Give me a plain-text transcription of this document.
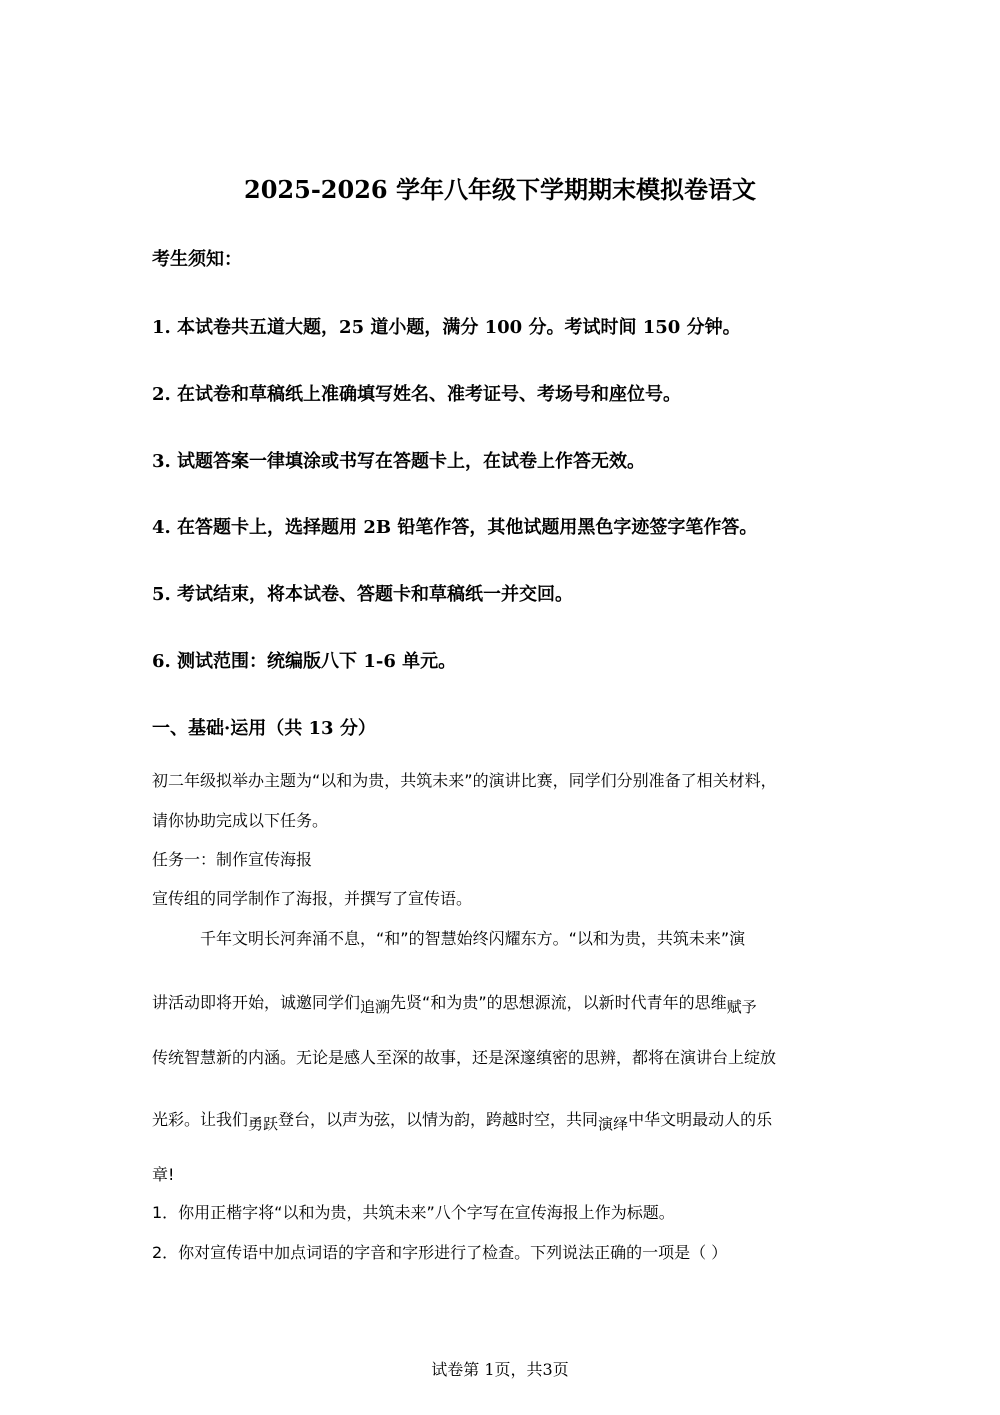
2025-2026 学年八年级下学期期末模拟卷语文
考生须知：
1. 本试卷共五道大题，25 道小题，满分 100 分。考试时间 150 分钟。
2. 在试卷和草稿纸上准确填写姓名、准考证号、考场号和座位号。
3. 试题答案一律填涂或书写在答题卡上，在试卷上作答无效。
4. 在答题卡上，选择题用 2B 铅笔作答，其他试题用黑色字迹签字笔作答。
5. 考试结束，将本试卷、答题卡和草稿纸一并交回。
6. 测试范围：统编版八下 1-6 单元。
一、基础·运用（共 13 分）
初二年级拟举办主题为“以和为贵，共筑未来”的演讲比赛，同学们分别准备了相关材料，
请你协助完成以下任务。
任务一：制作宣传海报
宣传组的同学制作了海报，并撰写了宣传语。
千年文明长河奔涌不息，“和”的智慧始终闪耀东方。“以和为贵，共筑未来”演
讲活动即将开始，诚邀同学们追溯先贤“和为贵”的思想源流，以新时代青年的思维赋予
传统智慧新的内涵。无论是感人至深的故事，还是深邃缜密的思辨，都将在演讲台上绽放
光彩。让我们勇跃登台，以声为弦，以情为韵，跨越时空，共同演绎中华文明最动人的乐
章!
1．你用正楷字将“以和为贵，共筑未来”八个字写在宣传海报上作为标题。
2．你对宣传语中加点词语的字音和字形进行了检查。下列说法正确的一项是（ ）
试卷第 1页，共3页
